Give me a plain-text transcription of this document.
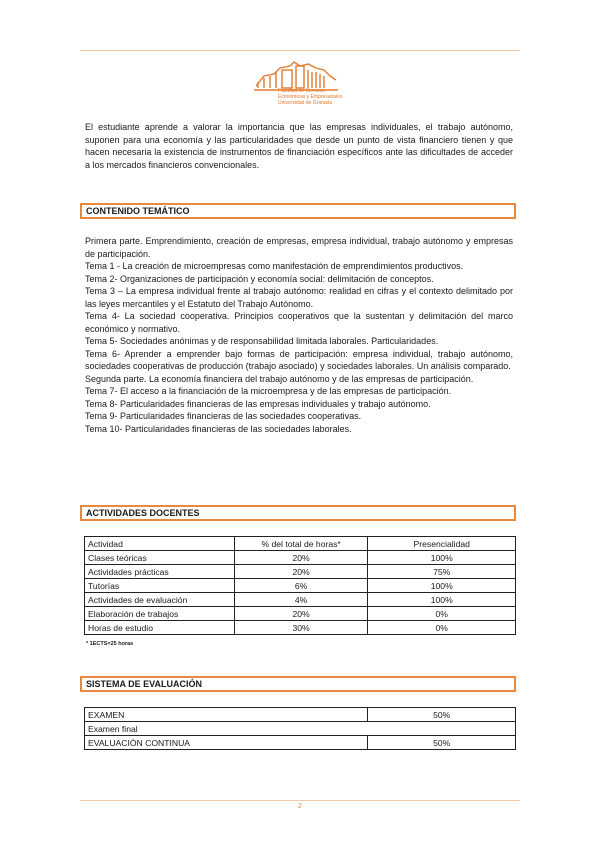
Facultad de Ciencias
Económicas y Empresariales
Universidad de Granada
El estudiante aprende a valorar la importancia que las empresas individuales, el trabajo autónomo, suponen para una economía y las particularidades que desde un punto de vista financiero tienen y que hacen necesaria la existencia de instrumentos de financiación específicos ante las dificultades de acceder a los mercados financieros convencionales.
CONTENIDO TEMÁTICO

Primera parte. Emprendimiento, creación de empresas, empresa individual, trabajo autónomo y empresas de participación.

Tema 1 - La creación de microempresas como manifestación de emprendimientos productivos.

Tema 2- Organizaciones de participación y economía social: delimitación de conceptos.

Tema 3 – La empresa individual frente al trabajo autónomo: realidad en cifras y el contexto delimitado por las leyes mercantiles y el Estatuto del Trabajo Autónomo.

Tema 4- La sociedad cooperativa. Principios cooperativos que la sustentan y delimitación del marco económico y normativo.

Tema 5- Sociedades anónimas y de responsabilidad limitada laborales. Particularidades.

Tema 6- Aprender a emprender bajo formas de participación: empresa individual, trabajo autónomo, sociedades cooperativas de producción (trabajo asociado) y sociedades laborales. Un análisis comparado.

Segunda parte. La economía financiera del trabajo autónomo y de las empresas de participación.

Tema 7- El acceso a la financiación de la microempresa y de las empresas de participación.

Tema 8- Particularidades financieras de las empresas individuales y trabajo autónomo.

Tema 9- Particularidades financieras de las sociedades cooperativas.

Tema 10- Particularidades financieras de las sociedades laborales.

ACTIVIDADES DOCENTES
Actividad	% del total de horas*	Presencialidad
Clases teóricas	20%	100%
Actividades prácticas	20%	75%
Tutorías	6%	100%
Actividades de evaluación	4%	100%
Elaboración de trabajos	20%	0%
Horas de estudio	30%	0%
* 1ECTS=25 horas
SISTEMA DE EVALUACIÓN
EXAMEN	50%
Examen final	
EVALUACIÓN CONTINUA	50%
2
